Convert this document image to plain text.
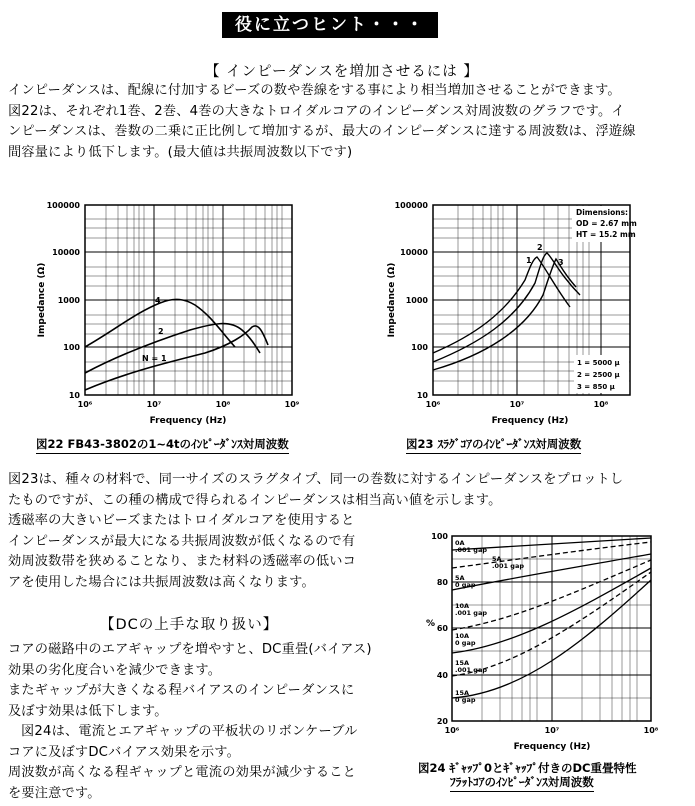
役に立つヒント・・・
【 インピーダンスを増加させるには 】
インピーダンスは、配線に付加するビーズの数や巻線をする事により相当増加させることができます。
図22は、それぞれ1巻、2巻、4巻の大きなトロイダルコアのインピーダンス対周波数のグラフです。イ
ンピーダンスは、巻数の二乗に正比例して増加するが、最大のインピーダンスに達する周波数は、浮遊線
間容量により低下します。(最大値は共振周波数以下です)
4
2
N = 1
100000
10000
1000
100
10
10⁶	10⁷	10⁸	10⁹
Frequency (Hz)
Impedance (Ω)
図22 FB43-3802の1~4tのｲﾝﾋﾟｰﾀﾞﾝｽ対周波数
Dimensions:
OD = 2.67 mm
HT = 15.2 mm
1
2
3
1 = 5000 μ
2 = 2500 μ
3 = 850 μ
100000
10000
1000
100
10
10⁶	10⁷	10⁸
Frequency (Hz)
Impedance (Ω)
図23 ｽﾗｸﾞｺｱのｲﾝﾋﾟｰﾀﾞﾝｽ対周波数
図23は、種々の材料で、同一サイズのスラグタイプ、同一の巻数に対するインピーダンスをプロットし
たものですが、この種の構成で得られるインピーダンスは相当高い値を示します。
透磁率の大きいビーズまたはトロイダルコアを使用すると
インピーダンスが最大になる共振周波数が低くなるので有
効周波数帯を狭めることなり、また材料の透磁率の低いコ
アを使用した場合には共振周波数は高くなります。
【DCの上手な取り扱い】
コアの磁路中のエアギャップを増やすと、DC重畳(バイアス)
効果の劣化度合いを減少できます。
またギャップが大きくなる程バイアスのインピーダンスに
及ぼす効果は低下します。
図24は、電流とエアギャップの平板状のリボンケーブル
コアに及ぼすDCバイアス効果を示す。
周波数が高くなる程ギャップと電流の効果が減少すること
を要注意です。
0A
.001 gap
5A
.001 gap
5A
0 gap
10A
.001 gap
10A
0 gap
15A
.001 gap
15A
0 gap
100
80
60
40
20
%
10⁶	10⁷	10⁸
Frequency (Hz)
図24 ｷﾞｬｯﾌﾟ0とｷﾞｬｯﾌﾟ付きのDC重畳特性
ﾌﾗｯﾄｺｱのｲﾝﾋﾟｰﾀﾞﾝｽ対周波数
